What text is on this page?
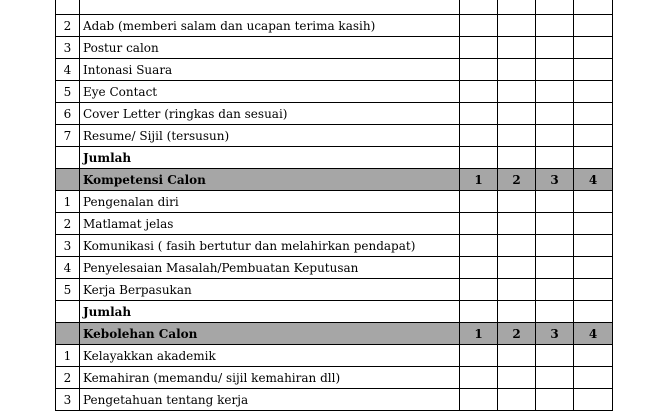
2 Adab (memberi salam dan ucapan terima kasih)
3 Postur calon
4 Intonasi Suara
5 Eye Contact
6 Cover Letter (ringkas dan sesuai)
7 Resume/ Sijil (tersusun)
Jumlah
Kompetensi Calon	1	2	3	4
1 Pengenalan diri
2 Matlamat jelas
3 Komunikasi ( fasih bertutur dan melahirkan pendapat)
4 Penyelesaian Masalah/Pembuatan Keputusan
5 Kerja Berpasukan
Jumlah
Kebolehan Calon	1	2	3	4
1 Kelayakkan akademik
2 Kemahiran (memandu/ sijil kemahiran dll)
3 Pengetahuan tentang kerja
